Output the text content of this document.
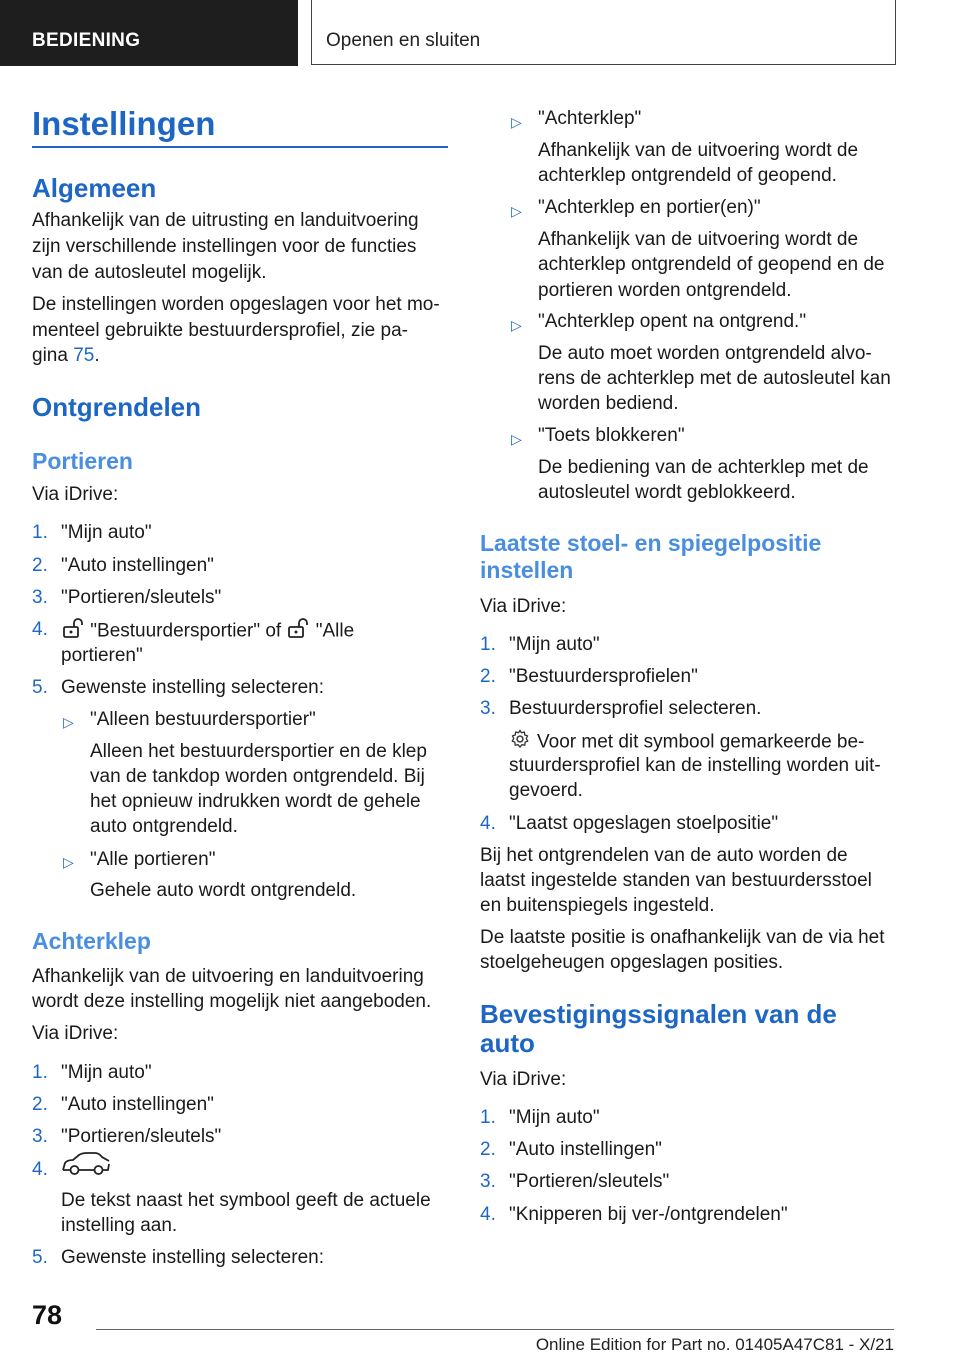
BEDIENING	Openen en sluiten
Instellingen
Algemeen
Afhankelijk van de uitrusting en landuitvoering
zijn verschillende instellingen voor de functies
van de autosleutel mogelijk.
De instellingen worden opgeslagen voor het mo‐
menteel gebruikte bestuurdersprofiel, zie pa‐
gina 75.
Ontgrendelen
Portieren
Via iDrive:
1. "Mijn auto"
2. "Auto instellingen"
3. "Portieren/sleutels"
4.	"Bestuurdersportier" of "Alle
portieren"
5. Gewenste instelling selecteren:
▷ "Alleen bestuurdersportier"
Alleen het bestuurdersportier en de klep
van de tankdop worden ontgrendeld. Bij
het opnieuw indrukken wordt de gehele
auto ontgrendeld.
▷ "Alle portieren"
Gehele auto wordt ontgrendeld.
Achterklep
Afhankelijk van de uitvoering en landuitvoering
wordt deze instelling mogelijk niet aangeboden.
Via iDrive:
1. "Mijn auto"
2. "Auto instellingen"
3. "Portieren/sleutels"
4.
De tekst naast het symbool geeft de actuele
instelling aan.
5. Gewenste instelling selecteren:
▷ "Achterklep"
Afhankelijk van de uitvoering wordt de
achterklep ontgrendeld of geopend.
▷ "Achterklep en portier(en)"
Afhankelijk van de uitvoering wordt de
achterklep ontgrendeld of geopend en de
portieren worden ontgrendeld.
▷ "Achterklep opent na ontgrend."
De auto moet worden ontgrendeld alvo‐
rens de achterklep met de autosleutel kan
worden bediend.
▷ "Toets blokkeren"
De bediening van de achterklep met de
autosleutel wordt geblokkeerd.
Laatste stoel- en spiegelpositie
instellen
Via iDrive:
1. "Mijn auto"
2. "Bestuurdersprofielen"
3. Bestuurdersprofiel selecteren.
Voor met dit symbool gemarkeerde be‐
stuurdersprofiel kan de instelling worden uit‐
gevoerd.
4. "Laatst opgeslagen stoelpositie"
Bij het ontgrendelen van de auto worden de
laatst ingestelde standen van bestuurdersstoel
en buitenspiegels ingesteld.
De laatste positie is onafhankelijk van de via het
stoelgeheugen opgeslagen posities.
Bevestigingssignalen van de
auto
Via iDrive:
1. "Mijn auto"
2. "Auto instellingen"
3. "Portieren/sleutels"
4. "Knipperen bij ver-/ontgrendelen"
78
Online Edition for Part no. 01405A47C81 - X/21
